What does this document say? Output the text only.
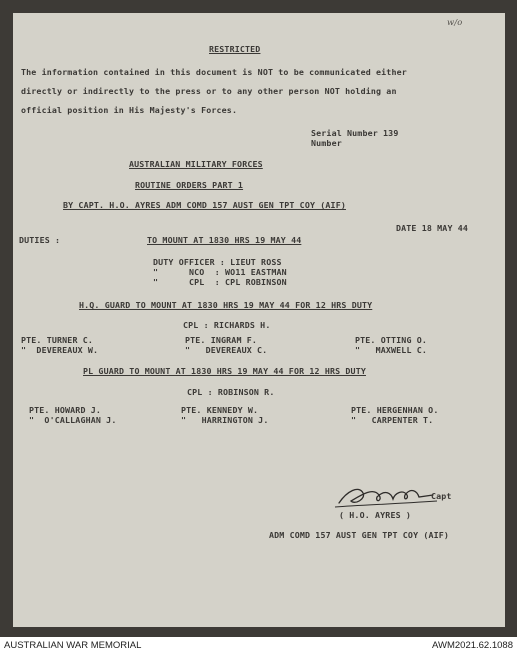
w/o
RESTRICTED
The information contained in this document is NOT to be communicated either
directly or indirectly to the press or to any other person NOT holding an
official position in His Majesty's Forces.
Serial Number 139
Number
AUSTRALIAN MILITARY FORCES
ROUTINE ORDERS PART 1
BY CAPT. H.O. AYRES ADM COMD 157 AUST GEN TPT COY (AIF)
DATE 18 MAY 44
DUTIES :	TO MOUNT AT 1830 HRS 19 MAY 44
DUTY OFFICER : LIEUT ROSS
"      NCO  : WO11 EASTMAN
"      CPL  : CPL ROBINSON
H.Q. GUARD TO MOUNT AT 1830 HRS 19 MAY 44 FOR 12 HRS DUTY
CPL : RICHARDS H.
PTE. TURNER C.
"  DEVEREAUX W.
PTE. INGRAM F.
"   DEVEREAUX C.
PTE. OTTING O.
"   MAXWELL C.
PL GUARD TO MOUNT AT 1830 HRS 19 MAY 44 FOR 12 HRS DUTY
CPL : ROBINSON R.
PTE. HOWARD J.
"  O'CALLAGHAN J.
PTE. KENNEDY W.
"   HARRINGTON J.
PTE. HERGENHAN O.
"   CARPENTER T.
Capt
( H.O. AYRES )
ADM COMD 157 AUST GEN TPT COY (AIF)
AUSTRALIAN WAR MEMORIAL	AWM2021.62.1088
